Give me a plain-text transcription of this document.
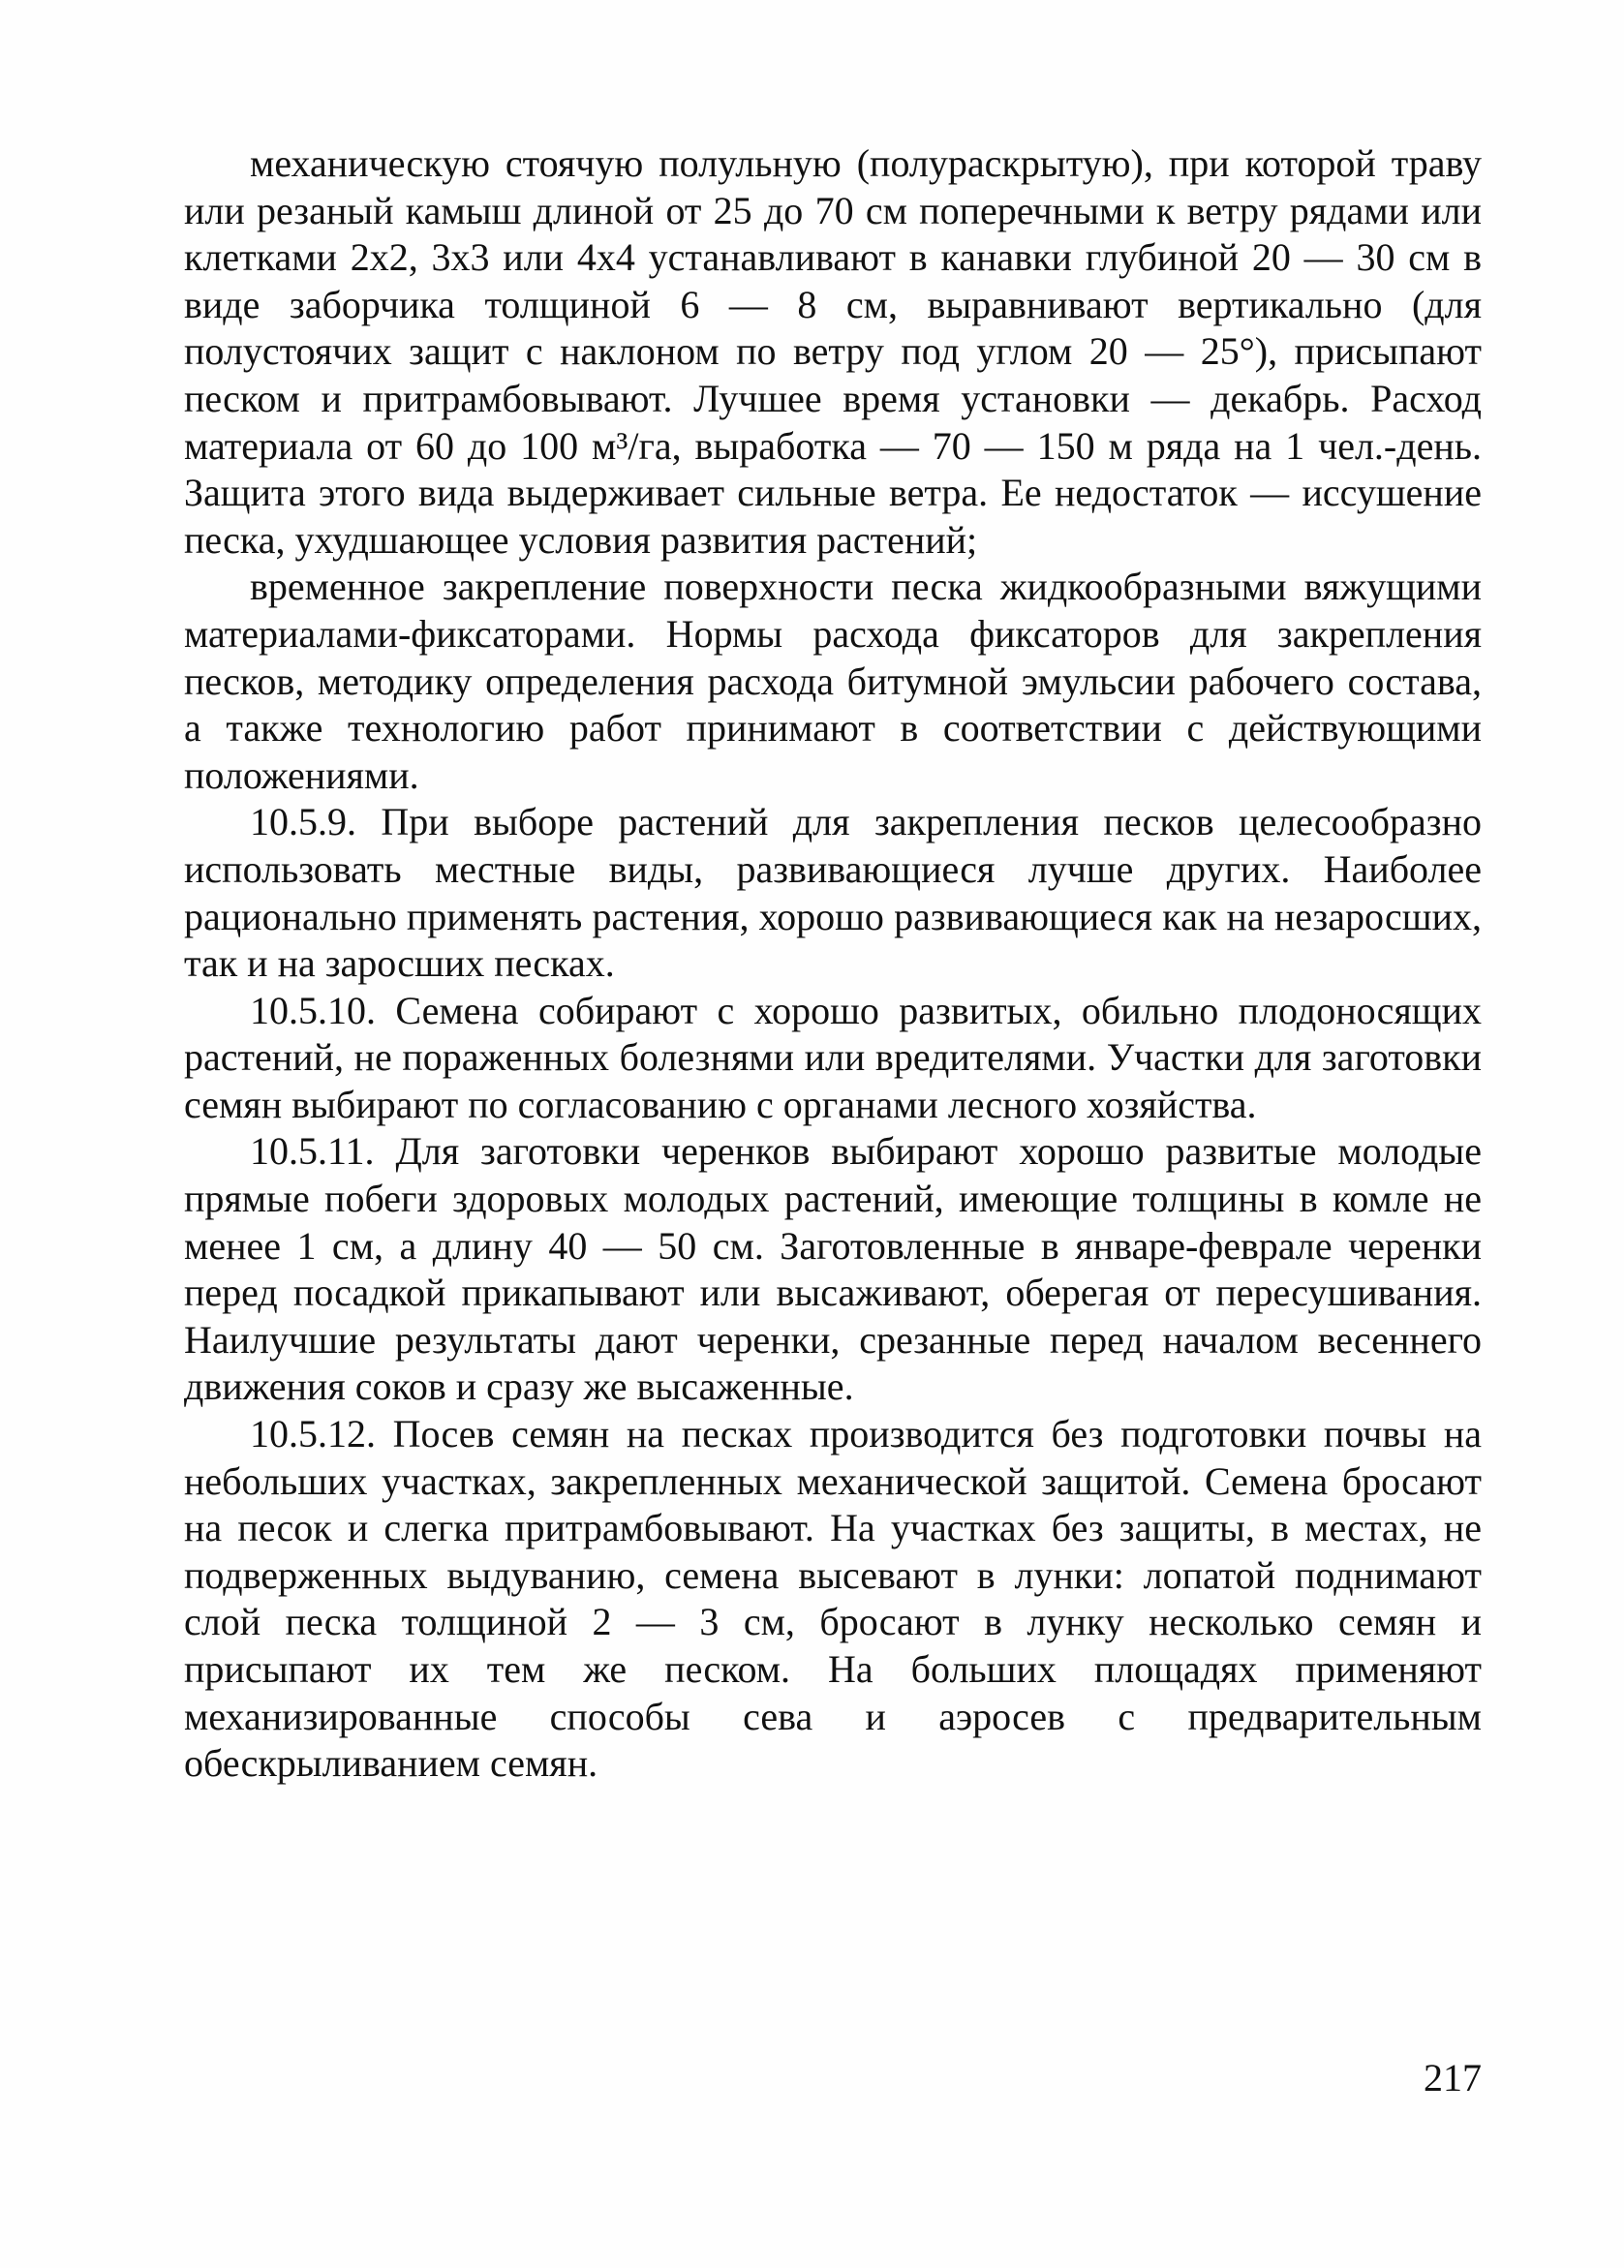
механическую стоячую полульную (полураскрытую), при которой траву или резаный камыш длиной от 25 до 70 см поперечными к ветру рядами или клетками 2х2, 3х3 или 4х4 устанавливают в канавки глубиной 20 — 30 см в виде заборчика толщиной 6 — 8 см, выравнивают вертикально (для полустоячих защит с наклоном по ветру под углом 20 — 25°), присыпают песком и притрамбовывают. Лучшее время установки — декабрь. Расход материала от 60 до 100 м³/га, выработка — 70 — 150 м ряда на 1 чел.-день. Защита этого вида выдерживает сильные ветра. Ее недостаток — иссушение песка, ухудшающее условия развития растений;

временное закрепление поверхности песка жидкообразными вяжущими материалами-фиксаторами. Нормы расхода фиксаторов для закрепления песков, методику определения расхода битумной эмульсии рабочего состава, а также технологию работ принимают в соответствии с действующими положениями.

10.5.9. При выборе растений для закрепления песков целесообразно использовать местные виды, развивающиеся лучше других. Наиболее рационально применять растения, хорошо развивающиеся как на незаросших, так и на заросших песках.

10.5.10. Семена собирают с хорошо развитых, обильно плодоносящих растений, не пораженных болезнями или вредителями. Участки для заготовки семян выбирают по согласованию с органами лесного хозяйства.

10.5.11. Для заготовки черенков выбирают хорошо развитые молодые прямые побеги здоровых молодых растений, имеющие толщины в комле не менее 1 см, а длину 40 — 50 см. Заготовленные в январе-феврале черенки перед посадкой прикапывают или высаживают, оберегая от пересушивания. Наилучшие результаты дают черенки, срезанные перед началом весеннего движения соков и сразу же высаженные.

10.5.12. Посев семян на песках производится без подготовки почвы на небольших участках, закрепленных механической защитой. Семена бросают на песок и слегка притрамбовывают. На участках без защиты, в местах, не подверженных выдуванию, семена высевают в лунки: лопатой поднимают слой песка толщиной 2 — 3 см, бросают в лунку несколько семян и присыпают их тем же песком. На больших площадях применяют механизированные способы сева и аэросев с предварительным обескрыливанием семян.

217
